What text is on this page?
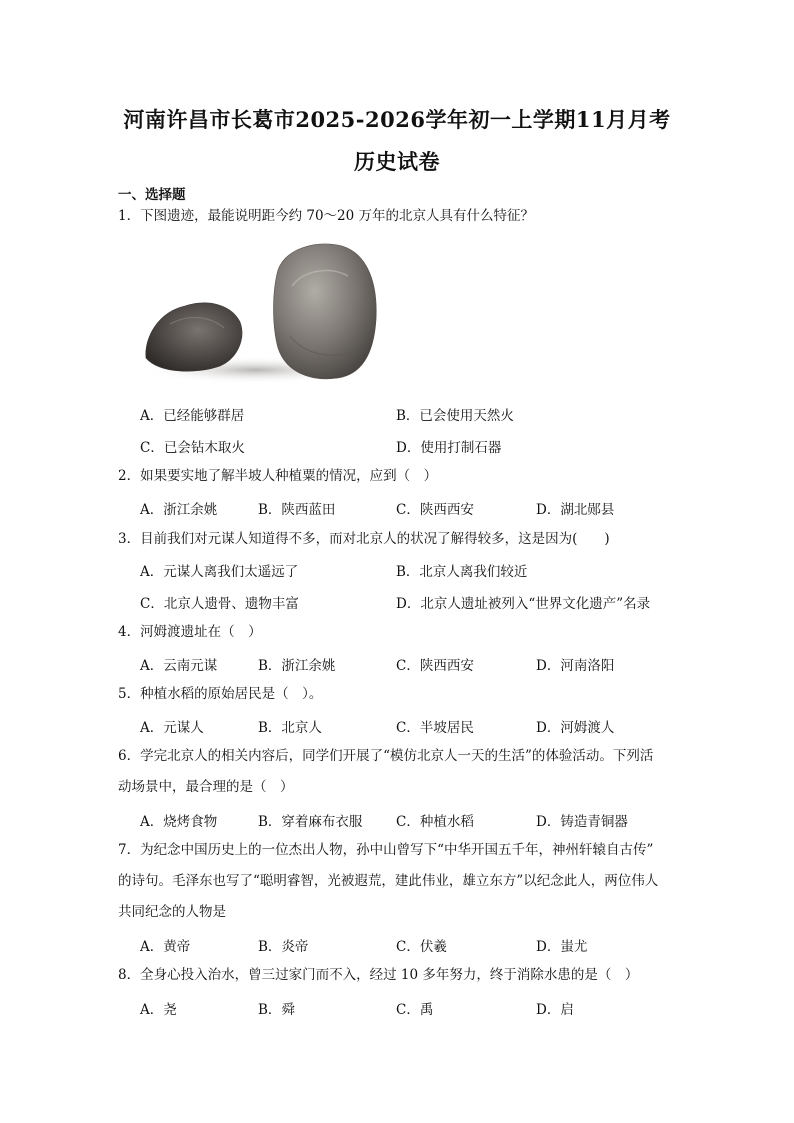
河南许昌市长葛市2025-2026学年初一上学期11月月考
历史试卷
一、选择题
1．下图遗迹，最能说明距今约 70～20 万年的北京人具有什么特征？
A．已经能够群居	B．已会使用天然火
C．已会钻木取火	D．使用打制石器
2．如果要实地了解半坡人种植粟的情况，应到（　）
A．浙江余姚	B．陕西蓝田	C．陕西西安	D．湖北郧县
3．目前我们对元谋人知道得不多，而对北京人的状况了解得较多，这是因为(　　)
A．元谋人离我们太遥远了	B．北京人离我们较近
C．北京人遗骨、遗物丰富	D．北京人遗址被列入“世界文化遗产”名录
4．河姆渡遗址在（　）
A．云南元谋	B．浙江余姚	C．陕西西安	D．河南洛阳
5．种植水稻的原始居民是（　）。
A．元谋人	B．北京人	C．半坡居民	D．河姆渡人
6．学完北京人的相关内容后，同学们开展了“模仿北京人一天的生活”的体验活动。下列活
动场景中，最合理的是（　）
A．烧烤食物	B．穿着麻布衣服 C．种植水稻	D．铸造青铜器
7．为纪念中国历史上的一位杰出人物，孙中山曾写下“中华开国五千年，神州轩辕自古传”
的诗句。毛泽东也写了“聪明睿智，光被遐荒，建此伟业，雄立东方”以纪念此人，两位伟人
共同纪念的人物是
A．黄帝	B．炎帝	C．伏羲	D．蚩尤
8．全身心投入治水，曾三过家门而不入，经过 10 多年努力，终于消除水患的是（　）
A．尧	B．舜	C．禹	D．启
